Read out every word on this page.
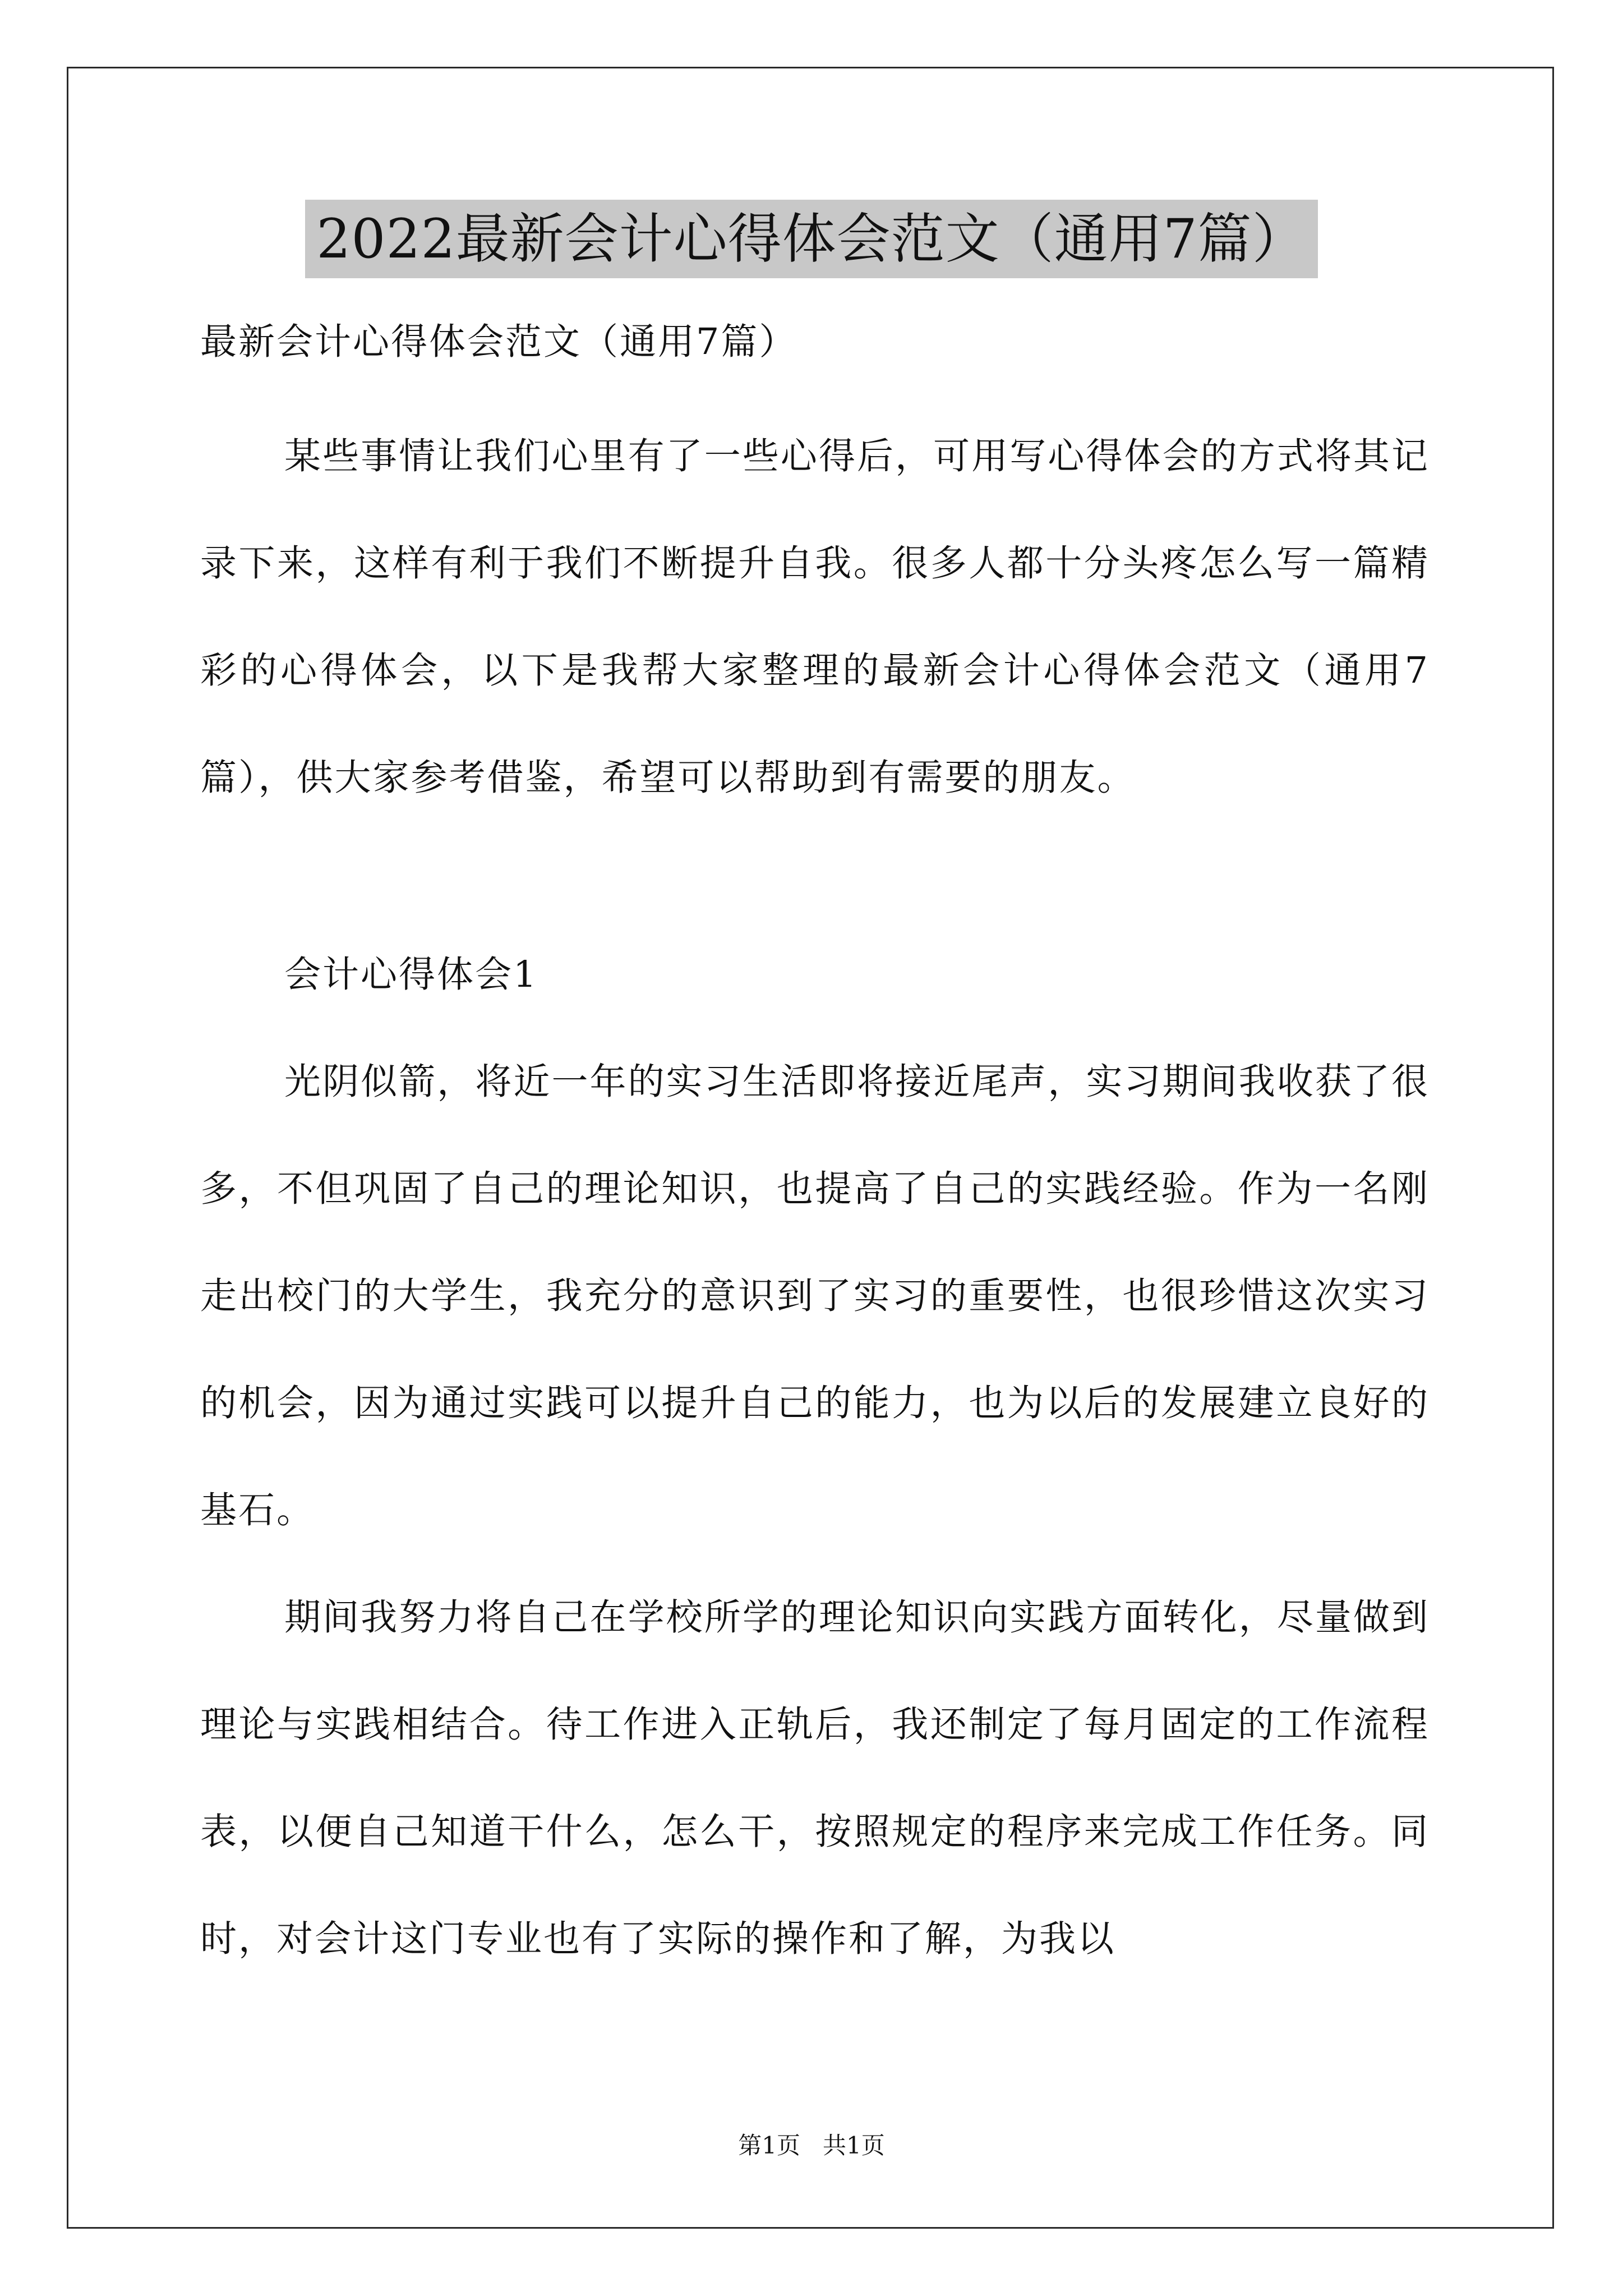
2022最新会计心得体会范文（通用7篇）

最新会计心得体会范文（通用7篇）

某些事情让我们心里有了一些心得后，可用写心得体会的方式将其记录下来，这样有利于我们不断提升自我。很多人都十分头疼怎么写一篇精彩的心得体会，以下是我帮大家整理的最新会计心得体会范文（通用7篇），供大家参考借鉴，希望可以帮助到有需要的朋友。

会计心得体会1

光阴似箭，将近一年的实习生活即将接近尾声，实习期间我收获了很多，不但巩固了自己的理论知识，也提高了自己的实践经验。作为一名刚走出校门的大学生，我充分的意识到了实习的重要性，也很珍惜这次实习的机会，因为通过实践可以提升自己的能力，也为以后的发展建立良好的基石。

期间我努力将自己在学校所学的理论知识向实践方面转化，尽量做到理论与实践相结合。待工作进入正轨后，我还制定了每月固定的工作流程表，以便自己知道干什么，怎么干，按照规定的程序来完成工作任务。同时，对会计这门专业也有了实际的操作和了解，为我以

第1页   共1页
